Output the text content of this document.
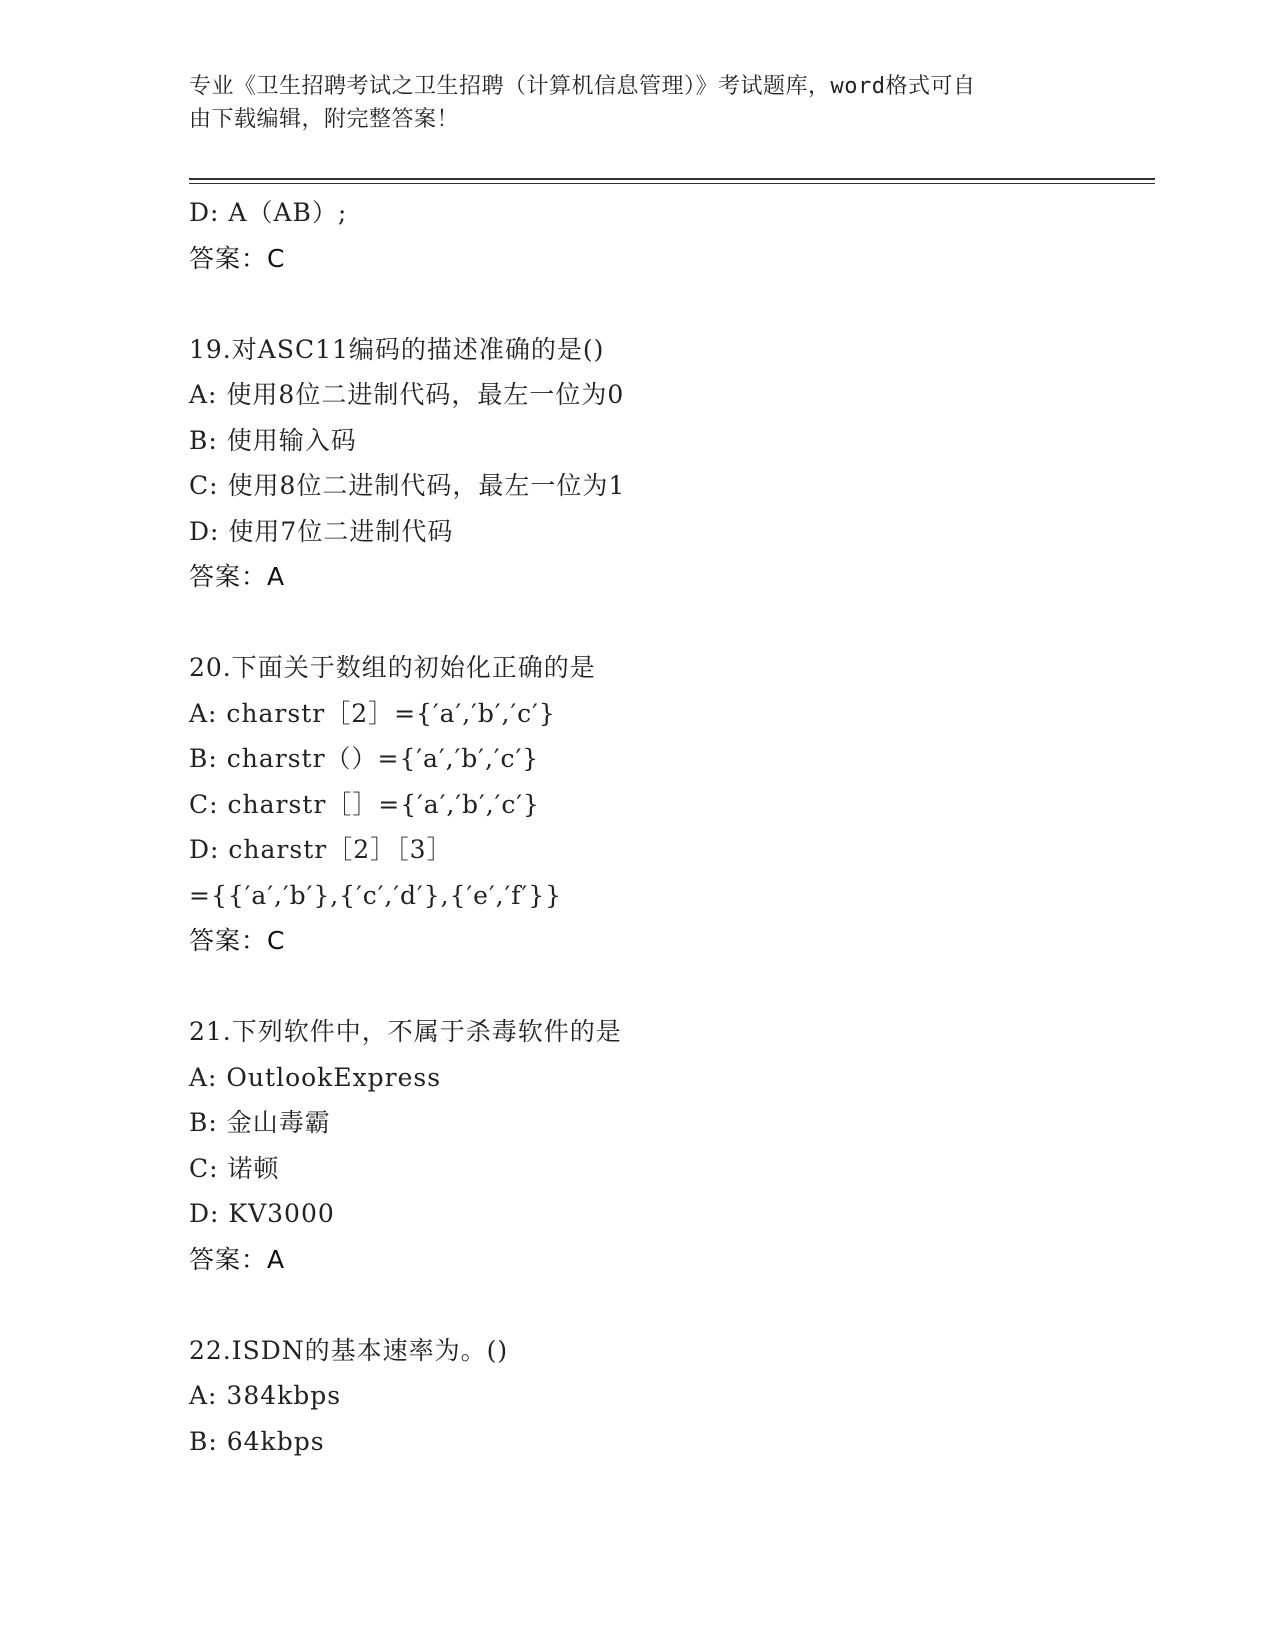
专业《卫生招聘考试之卫生招聘（计算机信息管理）》考试题库，word格式可自
由下载编辑，附完整答案！
D: A（AB）;
答案：C
19.对ASC11编码的描述准确的是()
A: 使用8位二进制代码，最左一位为0
B: 使用输入码
C: 使用8位二进制代码，最左一位为1
D: 使用7位二进制代码
答案：A
20.下面关于数组的初始化正确的是
A: charstr［2］={′a′,′b′,′c′}
B: charstr（）={′a′,′b′,′c′}
C: charstr［］={′a′,′b′,′c′}
D: charstr［2］［3］
={{′a′,′b′},{′c′,′d′},{′e′,′f′}}
答案：C
21.下列软件中，不属于杀毒软件的是
A: OutlookExpress
B: 金山毒霸
C: 诺顿
D: KV3000
答案：A
22.ISDN的基本速率为。()
A: 384kbps
B: 64kbps
